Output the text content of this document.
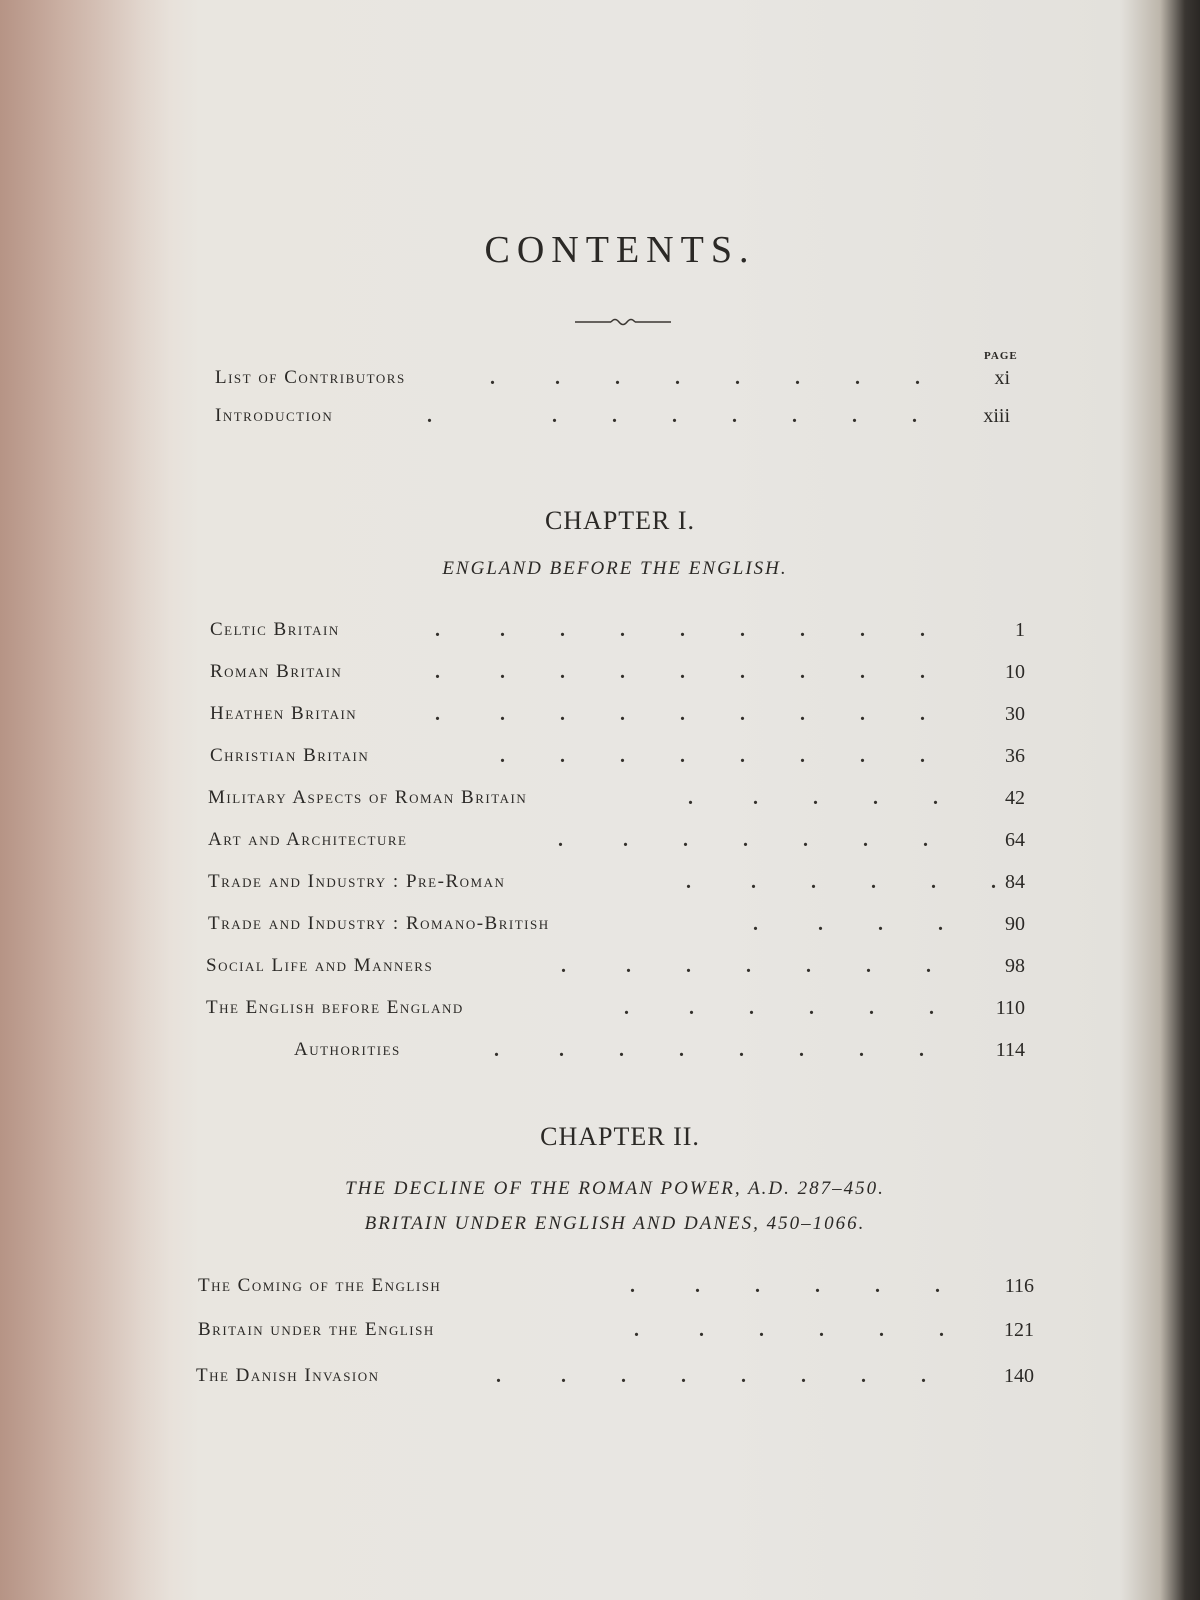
CONTENTS.
PAGE
List of Contributors	.            .           .           .           .           .           .           .	xi
Introduction	.                        .           .           .           .           .           .           .	xiii
CHAPTER I.
ENGLAND BEFORE THE ENGLISH.
Celtic Britain	.            .           .           .           .           .           .           .           .	1
Roman Britain	.            .           .           .           .           .           .           .           .	10
Heathen Britain	.            .           .           .           .           .           .           .           .	30
Christian Britain	.           .           .           .           .           .           .           .	36
Military Aspects of Roman Britain	.            .           .           .           .	42
Art and Architecture	.            .           .           .           .           .           .	64
Trade and Industry : Pre-Roman	.            .           .           .           .           . 84
Trade and Industry : Romano-British	.            .           .           .	90
Social Life and Manners	.            .           .           .           .           .           .	98
The English before England	.            .           .           .           .           .	110
Authorities	.            .           .           .           .           .           .           .	114
CHAPTER II.
THE DECLINE OF THE ROMAN POWER, A.D. 287–450.
BRITAIN UNDER ENGLISH AND DANES, 450–1066.
The Coming of the English	.            .           .           .           .           .	116
Britain under the English	.            .           .           .           .           .	121
The Danish Invasion	.            .           .           .           .           .           .           .	140
